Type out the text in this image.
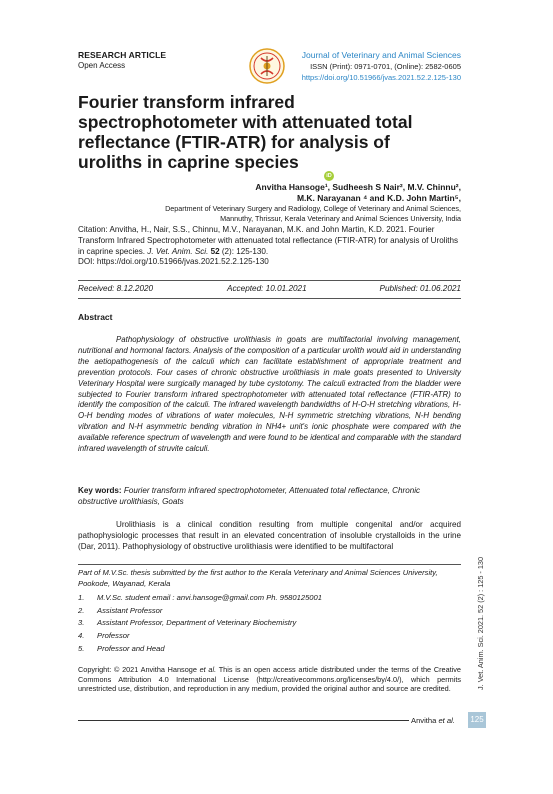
RESEARCH ARTICLE
Open Access
Journal of Veterinary and Animal Sciences
ISSN (Print): 0971-0701, (Online): 2582-0605
https://doi.org/10.51966/jvas.2021.52.2.125-130
Fourier transform infrared spectrophotometer with attenuated total reflectance (FTIR-ATR) for analysis of uroliths in caprine species
iD
Anvitha Hansoge¹, Sudheesh S Nair², M.V. Chinnu²,
M.K. Narayanan ⁴ and K.D. John Martin⁵,
Department of Veterinary Surgery and Radiology, College of Veterinary and Animal Sciences,
Mannuthy, Thrissur, Kerala Veterinary and Animal Sciences University, India
Citation: Anvitha, H., Nair, S.S., Chinnu, M.V., Narayanan, M.K. and John Martin, K.D. 2021. Fourier Transform Infrared Spectrophotometer with attenuated total reflectance (FTIR-ATR) for analysis of Uroliths in caprine species. J. Vet. Anim. Sci. 52 (2): 125-130.
DOI: https://doi.org/10.51966/jvas.2021.52.2.125-130
Received: 8.12.2020	Accepted: 10.01.2021	Published: 01.06.2021
Abstract

Pathophysiology of obstructive urolithiasis in goats are multifactorial involving management, nutritional and hormonal factors. Analysis of the composition of a particular urolith would aid in understanding the aetiopathogenesis of the calculi which can facilitate establishment of appropriate treatment and prevention protocols. Four cases of chronic obstructive urolithiasis in male goats presented to University Veterinary Hospital were surgically managed by tube cystotomy. The calculi extracted from the bladder were subjected to Fourier transform infrared spectrophotometer with attenuated total reflectance (FTIR-ATR) to identify the composition of the calculi. The infrared wavelength bandwidths of H-O-H stretching vibrations, H-O-H bending modes of vibrations of water molecules, N-H symmetric stretching vibrations, N-H bending vibration and N-H asymmetric bending vibration in NH4+ unit's ionic phosphate were compared with the available reference spectrum of wavelength and were found to be identical and comparable with the standard infrared wavelength of struvite calculi.

Key words: Fourier transform infrared spectrophotometer, Attenuated total reflectance, Chronic obstructive urolithiasis, Goats

Urolithiasis is a clinical condition resulting from multiple congenital and/or acquired pathophysiologic processes that result in an elevated concentration of insoluble crystalloids in the urine (Dar, 2011). Pathophysiology of obstructive urolithiasis were identified to be multifactoral

Part of M.V.Sc. thesis submitted by the first author to the Kerala Veterinary and Animal Sciences University, Pookode, Wayanad, Kerala

1. M.V.Sc. student email : anvi.hansoge@gmail.com Ph. 9580125001
2. Assistant Professor
3. Assistant Professor, Department of Veterinary Biochemistry
4. Professor
5. Professor and Head

Copyright: © 2021 Anvitha Hansoge et al. This is an open access article distributed under the terms of the Creative Commons Attribution 4.0 International License (http://creativecommons.org/licenses/by/4.0/), which permits unrestricted use, distribution, and reproduction in any medium, provided the original author and source are credited.

Anvitha et al.
J. Vet. Anim. Sci. 2021. 52 (2) : 125 - 130
125
